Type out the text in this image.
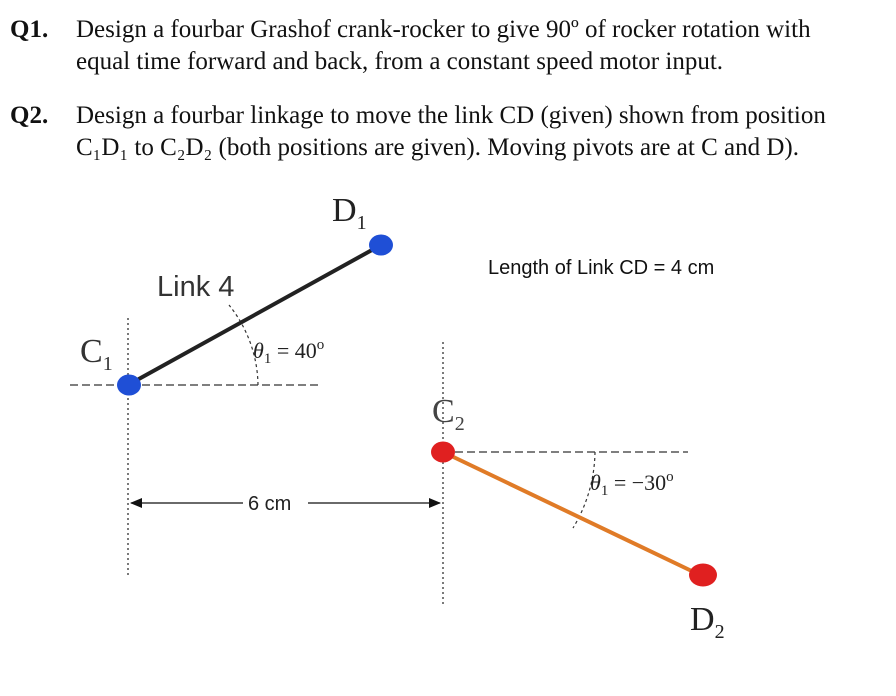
Q1. Design a fourbar Grashof crank-rocker to give 90º of rocker rotation with equal time forward and back, from a constant speed motor input.
Q2. Design a fourbar linkage to move the link CD (given) shown from position C₁D₁ to C₂D₂ (both positions are given). Moving pivots are at C and D).
6 cm
Length of Link CD = 4 cm
Link 4
$D_1$
$C_1$
$C_2$
$D_2$
$\theta_1 = 40^o$
$\theta_1 = -30^o$
